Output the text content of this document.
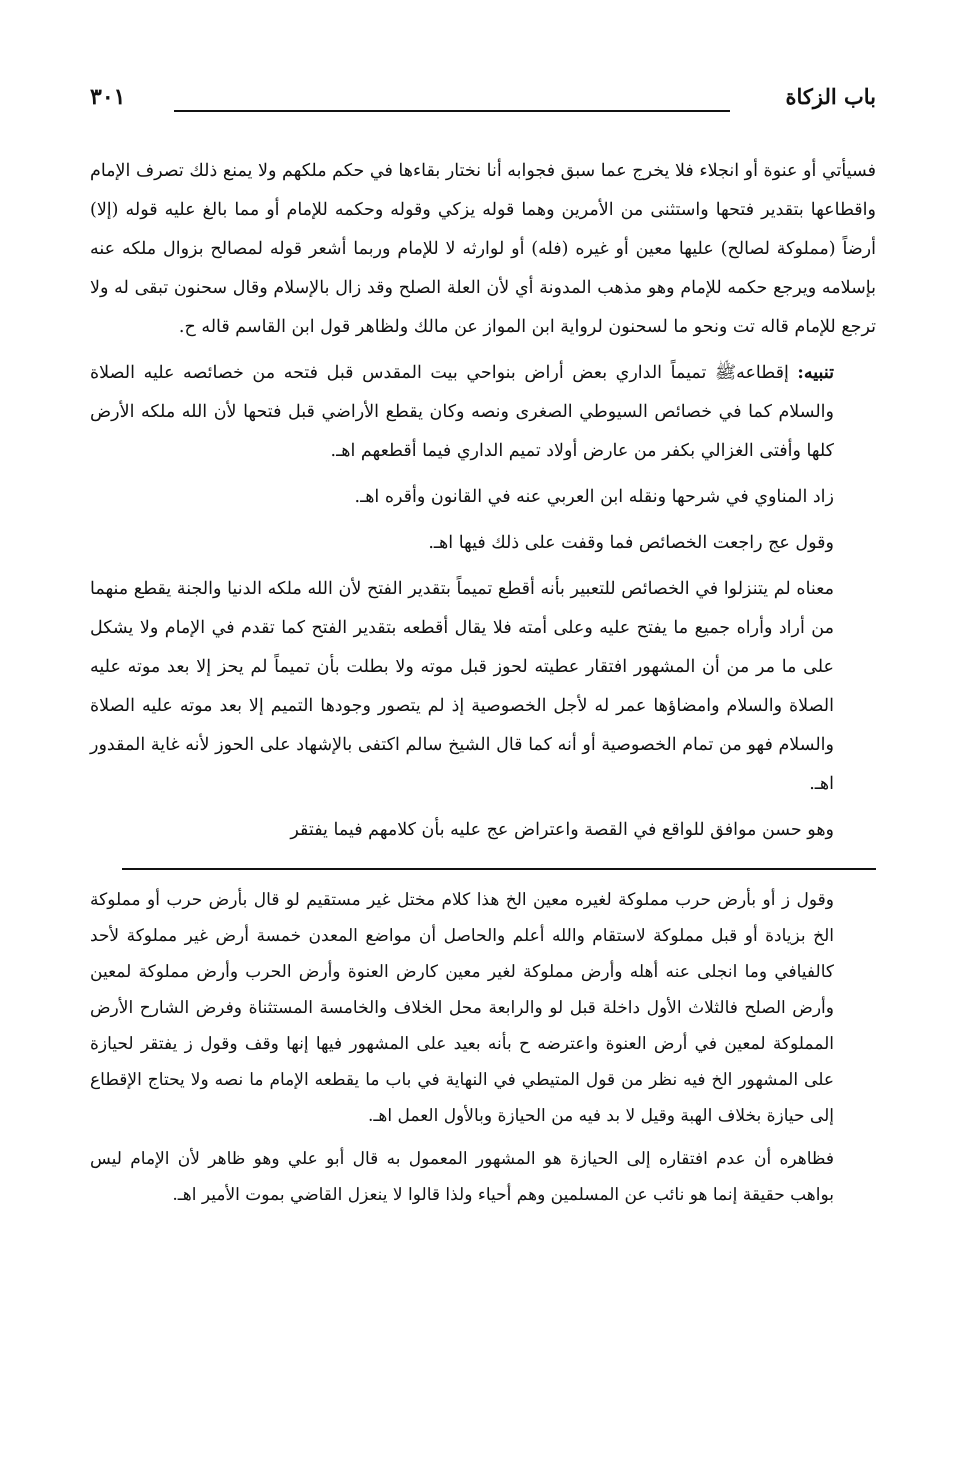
باب الزكاة
٣٠١

فسيأتي أو عنوة أو انجلاء فلا يخرج عما سبق فجوابه أنا نختار بقاءها في حكم ملكهم ولا يمنع ذلك تصرف الإمام واقطاعها بتقدير فتحها واستثنى من الأمرين وهما قوله يزكي وقوله وحكمه للإمام أو مما بالغ عليه قوله (إلا) أرضاً (مملوكة لصالح) عليها معين أو غيره (فله) أو لوارثه لا للإمام وربما أشعر قوله لمصالح بزوال ملكه عنه بإسلامه ويرجع حكمه للإمام وهو مذهب المدونة أي لأن العلة الصلح وقد زال بالإسلام وقال سحنون تبقى له ولا ترجع للإمام قاله تت ونحو ما لسحنون لرواية ابن المواز عن مالك ولظاهر قول ابن القاسم قاله ح.

تنبيه: إقطاعهﷺ تميماً الداري بعض أراض بنواحي بيت المقدس قبل فتحه من خصائصه عليه الصلاة والسلام كما في خصائص السيوطي الصغرى ونصه وكان يقطع الأراضي قبل فتحها لأن الله ملكه الأرض كلها وأفتى الغزالي بكفر من عارض أولاد تميم الداري فيما أقطعهم اهـ.

زاد المناوي في شرحها ونقله ابن العربي عنه في القانون وأقره اهـ.

وقول عج راجعت الخصائص فما وقفت على ذلك فيها اهـ.

معناه لم يتنزلوا في الخصائص للتعبير بأنه أقطع تميماً بتقدير الفتح لأن الله ملكه الدنيا والجنة يقطع منهما من أراد وأراه جميع ما يفتح عليه وعلى أمته فلا يقال أقطعه بتقدير الفتح كما تقدم في الإمام ولا يشكل على ما مر من أن المشهور افتقار عطيته لحوز قبل موته ولا بطلت بأن تميماً لم يحز إلا بعد موته عليه الصلاة والسلام وامضاؤها عمر له لأجل الخصوصية إذ لم يتصور وجودها التميم إلا بعد موته عليه الصلاة والسلام فهو من تمام الخصوصية أو أنه كما قال الشيخ سالم اكتفى بالإشهاد على الحوز لأنه غاية المقدور اهـ.

وهو حسن موافق للواقع في القصة واعتراض عج عليه بأن كلامهم فيما يفتقر

وقول ز أو بأرض حرب مملوكة لغيره معين الخ هذا كلام مختل غير مستقيم لو قال بأرض حرب أو مملوكة الخ بزيادة أو قبل مملوكة لاستقام والله أعلم والحاصل أن مواضع المعدن خمسة أرض غير مملوكة لأحد كالفيافي وما انجلى عنه أهله وأرض مملوكة لغير معين كارض العنوة وأرض الحرب وأرض مملوكة لمعين وأرض الصلح فالثلاث الأول داخلة قبل لو والرابعة محل الخلاف والخامسة المستثناة وفرض الشارح الأرض المملوكة لمعين في أرض العنوة واعترضه ح بأنه بعيد على المشهور فيها إنها وقف وقول ز يفتقر لحيازة على المشهور الخ فيه نظر من قول المتيطي في النهاية في باب ما يقطعه الإمام ما نصه ولا يحتاج الإقطاع إلى حيازة بخلاف الهبة وقيل لا بد فيه من الحيازة وبالأول العمل اهـ.

فظاهره أن عدم افتقاره إلى الحيازة هو المشهور المعمول به قال أبو علي وهو ظاهر لأن الإمام ليس بواهب حقيقة إنما هو نائب عن المسلمين وهم أحياء ولذا قالوا لا ينعزل القاضي بموت الأمير اهـ.
